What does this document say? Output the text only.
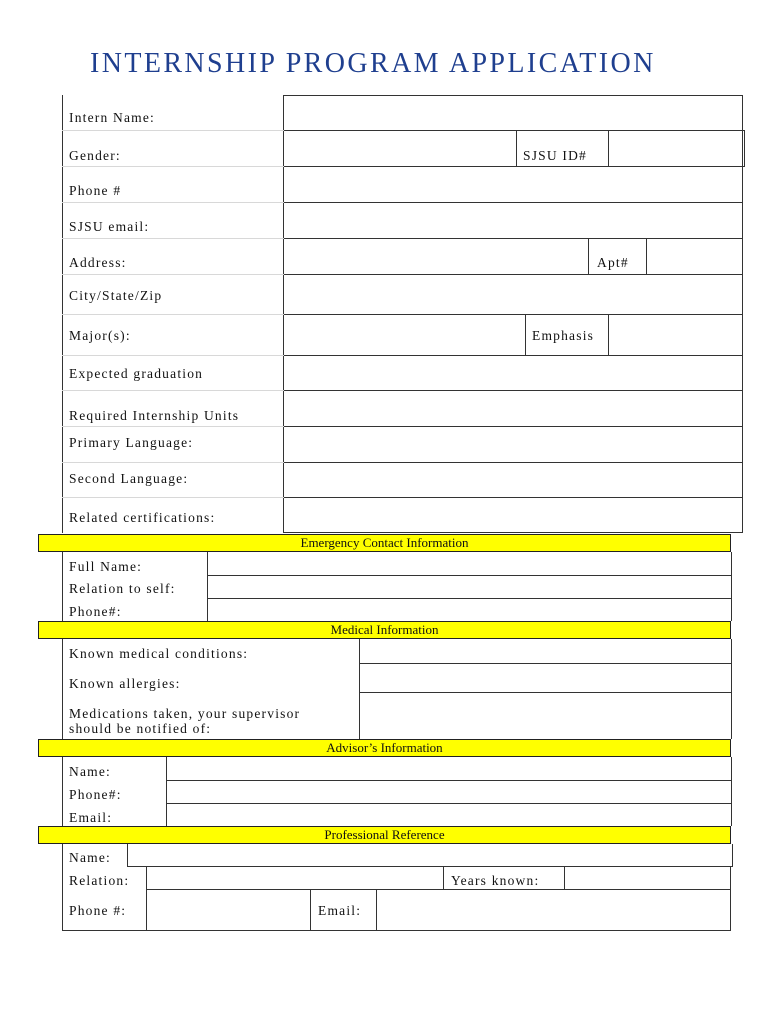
INTERNSHIP PROGRAM APPLICATION
Intern Name:
Gender:	SJSU ID#
Phone #
SJSU email:
Address:	Apt#
City/State/Zip
Major(s):	Emphasis
Expected graduation
Required Internship Units
Primary Language:
Second Language:
Related certifications:
Emergency Contact Information
Full Name:
Relation to self:
Phone#:
Medical Information
Known medical conditions:
Known allergies:
Medications taken, your supervisor
should be notified of:
Advisor’s Information
Name:
Phone#:
Email:
Professional Reference
Name:
Relation:	Years known:
Phone #:	Email:
